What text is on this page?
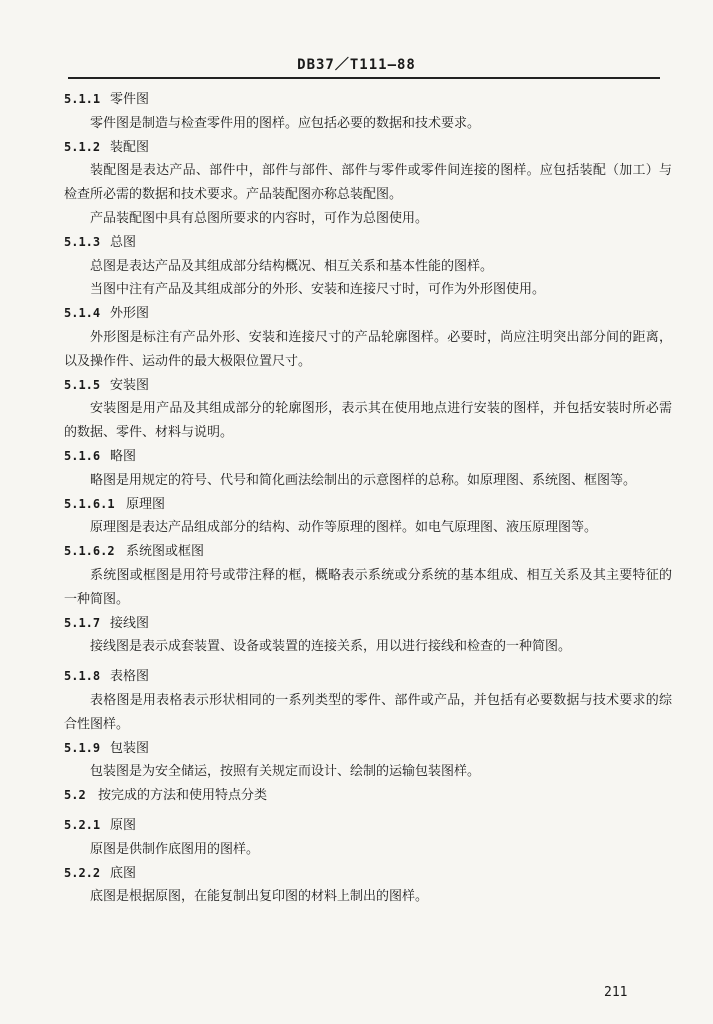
DB37／T111—88
5.1.1 零件图

零件图是制造与检查零件用的图样。应包括必要的数据和技术要求。

5.1.2 装配图

装配图是表达产品、部件中，部件与部件、部件与零件或零件间连接的图样。应包括装配（加工）与检查所必需的数据和技术要求。产品装配图亦称总装配图。

产品装配图中具有总图所要求的内容时，可作为总图使用。

5.1.3 总图

总图是表达产品及其组成部分结构概况、相互关系和基本性能的图样。

当图中注有产品及其组成部分的外形、安装和连接尺寸时，可作为外形图使用。

5.1.4 外形图

外形图是标注有产品外形、安装和连接尺寸的产品轮廓图样。必要时，尚应注明突出部分间的距离，以及操作件、运动件的最大极限位置尺寸。

5.1.5 安装图

安装图是用产品及其组成部分的轮廓图形，表示其在使用地点进行安装的图样，并包括安装时所必需的数据、零件、材料与说明。

5.1.6 略图

略图是用规定的符号、代号和简化画法绘制出的示意图样的总称。如原理图、系统图、框图等。

5.1.6.1 原理图

原理图是表达产品组成部分的结构、动作等原理的图样。如电气原理图、液压原理图等。

5.1.6.2 系统图或框图

系统图或框图是用符号或带注释的框，概略表示系统或分系统的基本组成、相互关系及其主要特征的一种简图。

5.1.7 接线图

接线图是表示成套装置、设备或装置的连接关系，用以进行接线和检查的一种简图。

5.1.8 表格图

表格图是用表格表示形状相同的一系列类型的零件、部件或产品，并包括有必要数据与技术要求的综合性图样。

5.1.9 包装图

包装图是为安全储运，按照有关规定而设计、绘制的运输包装图样。

5.2 按完成的方法和使用特点分类
5.2.1 原图

原图是供制作底图用的图样。

5.2.2 底图

底图是根据原图，在能复制出复印图的材料上制出的图样。

211
